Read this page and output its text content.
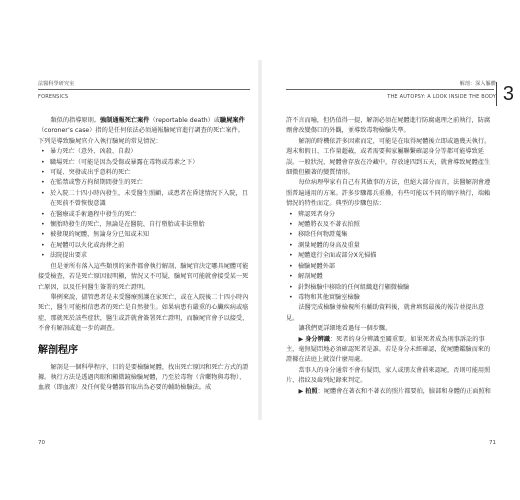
法醫科學研究室
FORENSICS

類似的指導原則。強制通報死亡案件（reportable death）或驗屍案件（coroner’s case）指的是任何依法必須通報驗屍官進行調查的死亡案件。下列是導致驗屍官介入執行驗屍的常見情況：

• 暴力死亡（意外、凶殺、自殺）
• 職場死亡（可能是因為受傷或暴露在毒物或毒素之下）
• 可疑、突發或出乎意料的死亡
• 在監禁或警方拘留期間發生的死亡
• 於入院二十四小時內發生，未受醫生照顧，或患者在昏迷情況下入院，且在死前不曾恢復意識
• 在醫療或手術過程中發生的死亡
• 懷胎時發生的死亡，無論是在醫院、自行墮胎或非法墮胎
• 被發現的屍體，無論身分已知或未知
• 在屍體可以火化或海葬之前
• 法院提出要求

但是並所有落入這些類別的案件都會執行解剖，驗屍官決定哪具屍體可能接受檢查，若是死亡原因很明顯，情況又不可疑，驗屍官可能就會接受某一死亡原因，以及任何醫生簽署的死亡證明。

舉例來說，儘管患者是未受醫療照護在家死亡，或在入院後二十四小時內死亡，醫生可能相信患者的死亡是自然發生。如果病患有嚴重的心臟疾病或癌症，那就死於該些症狀，醫生或許就會簽署死亡證明，而驗屍官會予以接受，不會有解剖或進一步的調查。

解剖程序

解剖是一個科學程序，目的是要檢驗屍體，找出死亡原因和死亡方式的證據。執行方法是透過肉眼和顯微鏡檢驗屍體，乃至於毒物（含藥物與毒物）、血液（即血液）及任何從身體器官取出為必要的輔助檢驗法。成

70
解剖：深入軀體
THE AUTOPSY: A LOOK INSIDE THE BODY 3

許不言而喻，但仍值得一提，解剖必須在屍體進行防腐處理之前執行，防腐劑會改變傷口的外觀，並導致毒物檢驗失準。

解剖的時機依許多因素而定，可能是在取得屍體後立即或過幾天執行。週末和假日、工作量超載，或者需要與家屬聯繫確認身分等都可能導致延誤。一般狀況，屍體會存放在冷藏中，存放達四到五天，就會導致屍體產生細微但顯著的變質情形。

每位病理學家有自己有其做事的方法，但絕大部分而言，法醫解剖會遵照普遍通用的方案。許多步驟都兵重疊，有些可能以不同的順序執行，端賴情況的特性而定。典型的步驟包括：

• 辨認死者身分
• 屍體將衣及不著衣拍照
• 移除任何物證蒐集
• 測量屍體的身高及重量
• 屍體進行全面或部分X光掃描
• 檢驗屍體外部
• 解剖屍體
• 針對檢驗中移除的任何組織進行顯微檢驗
• 毒物和其他實驗室檢驗

法醫完成檢驗並檢視所有輔助資料後，就會填寫最後的報告並提出意見。

讓我們更詳細地看過每一個步驟。

▶ 身分辨識：死者的身分辨識至關重要。如果死者成為刑事訴訟的事主，毫無疑問地必須確認死者是誰。若是身分未經確認，從屍體鑑驗而來的證據在法庭上就沒什麼用處。

當事人的身分通常不會有疑問，家人或朋友會前來認屍，否則可能用照片、指紋及齒列紀錄來判定。

▶ 拍照：屍體會在著衣和不著衣的照片都要拍，臉部和身體的正面照和

71
